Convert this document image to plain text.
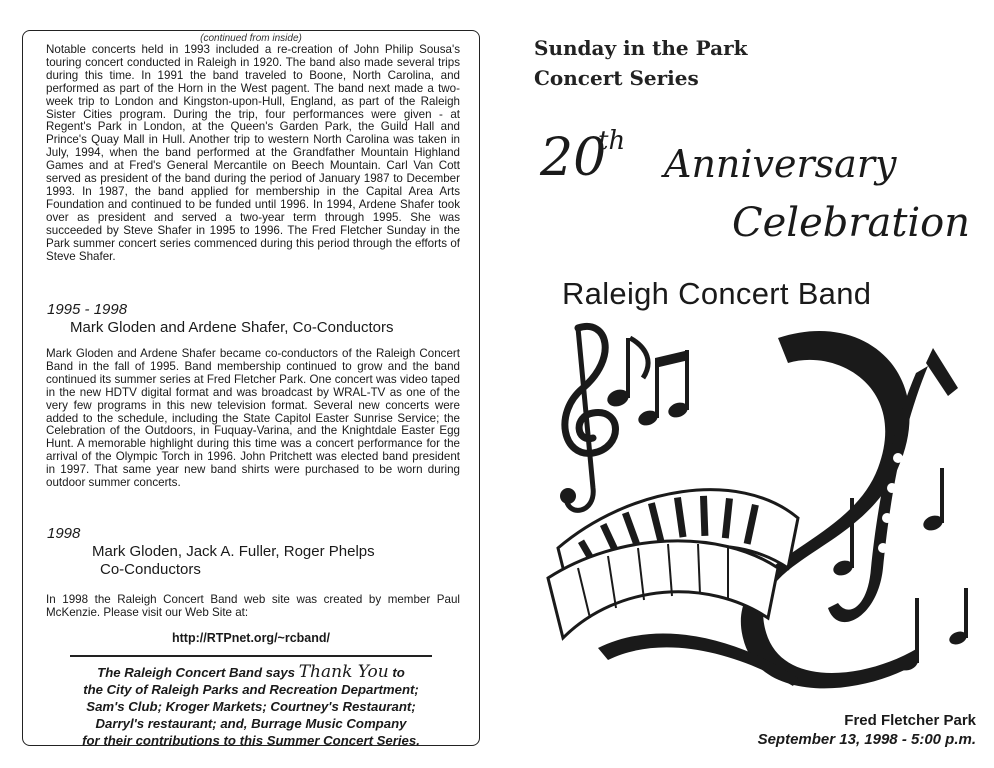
(continued from inside)

Notable concerts held in 1993 included a re-creation of John Philip Sousa's touring concert conducted in Raleigh in 1920. The band also made several trips during this time. In 1991 the band traveled to Boone, North Carolina, and performed as part of the Horn in the West pagent. The band next made a two-week trip to London and Kingston-upon-Hull, England, as part of the Raleigh Sister Cities program. During the trip, four performances were given - at Regent's Park in London, at the Queen's Garden Park, the Guild Hall and Prince's Quay Mall in Hull. Another trip to western North Carolina was taken in July, 1994, when the band performed at the Grandfather Mountain Highland Games and at Fred's General Mercantile on Beech Mountain. Carl Van Cott served as president of the band during the period of January 1987 to December 1993. In 1987, the band applied for membership in the Capital Area Arts Foundation and continued to be funded until 1996. In 1994, Ardene Shafer took over as president and served a two-year term through 1995. She was succeeded by Steve Shafer in 1995 to 1996. The Fred Fletcher Sunday in the Park summer concert series commenced during this period through the efforts of Steve Shafer.

1995 - 1998

Mark Gloden and Ardene Shafer, Co-Conductors

Mark Gloden and Ardene Shafer became co-conductors of the Raleigh Concert Band in the fall of 1995. Band membership continued to grow and the band continued its summer series at Fred Fletcher Park. One concert was video taped in the new HDTV digital format and was broadcast by WRAL-TV as one of the very few programs in this new television format. Several new concerts were added to the schedule, including the State Capitol Easter Sunrise Service; the Celebration of the Outdoors, in Fuquay-Varina, and the Knightdale Easter Egg Hunt. A memorable highlight during this time was a concert performance for the arrival of the Olympic Torch in 1996. John Pritchett was elected band president in 1997. That same year new band shirts were purchased to be worn during outdoor summer concerts.

1998

Mark Gloden, Jack A. Fuller, Roger Phelps

Co-Conductors

In 1998 the Raleigh Concert Band web site was created by member Paul McKenzie. Please visit our Web Site at:

http://RTPnet.org/~rcband/
The Raleigh Concert Band says Thank You to
the City of Raleigh Parks and Recreation Department;
Sam's Club; Kroger Markets; Courtney's Restaurant;
Darryl's restaurant; and, Burrage Music Company
for their contributions to this Summer Concert Series.

Sunday in the Park

Concert Series

20

th

Anniversary

Celebration

Raleigh Concert Band

Fred Fletcher Park
September 13, 1998 - 5:00 p.m.
